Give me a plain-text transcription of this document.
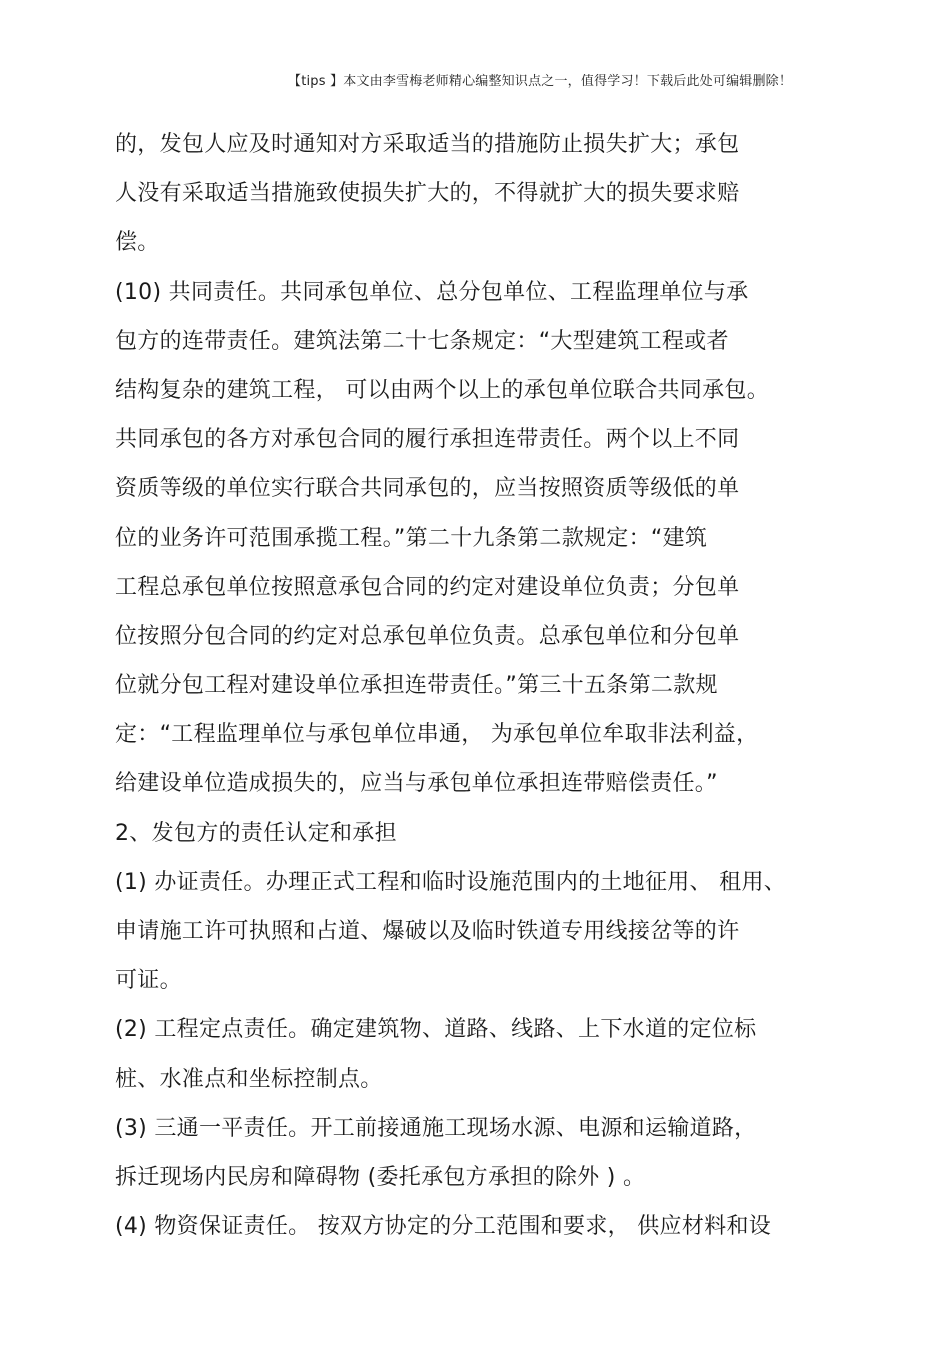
【tips 】本文由李雪梅老师精心编整知识点之一，值得学习！下载后此处可编辑删除！
的，发包人应及时通知对方采取适当的措施防止损失扩大；承包
人没有采取适当措施致使损失扩大的，不得就扩大的损失要求赔
偿。
(10) 共同责任。共同承包单位、总分包单位、工程监理单位与承
包方的连带责任。建筑法第二十七条规定：“大型建筑工程或者
结构复杂的建筑工程， 可以由两个以上的承包单位联合共同承包。
共同承包的各方对承包合同的履行承担连带责任。两个以上不同
资质等级的单位实行联合共同承包的，应当按照资质等级低的单
位的业务许可范围承揽工程。”第二十九条第二款规定：“建筑
工程总承包单位按照意承包合同的约定对建设单位负责；分包单
位按照分包合同的约定对总承包单位负责。总承包单位和分包单
位就分包工程对建设单位承担连带责任。”第三十五条第二款规
定：“工程监理单位与承包单位串通， 为承包单位牟取非法利益，
给建设单位造成损失的，应当与承包单位承担连带赔偿责任。”
2、发包方的责任认定和承担
(1) 办证责任。办理正式工程和临时设施范围内的土地征用、 租用、
申请施工许可执照和占道、爆破以及临时铁道专用线接岔等的许
可证。
(2) 工程定点责任。确定建筑物、道路、线路、上下水道的定位标
桩、水准点和坐标控制点。
(3) 三通一平责任。开工前接通施工现场水源、电源和运输道路，
拆迁现场内民房和障碍物 (委托承包方承担的除外 ) 。
(4) 物资保证责任。 按双方协定的分工范围和要求， 供应材料和设
